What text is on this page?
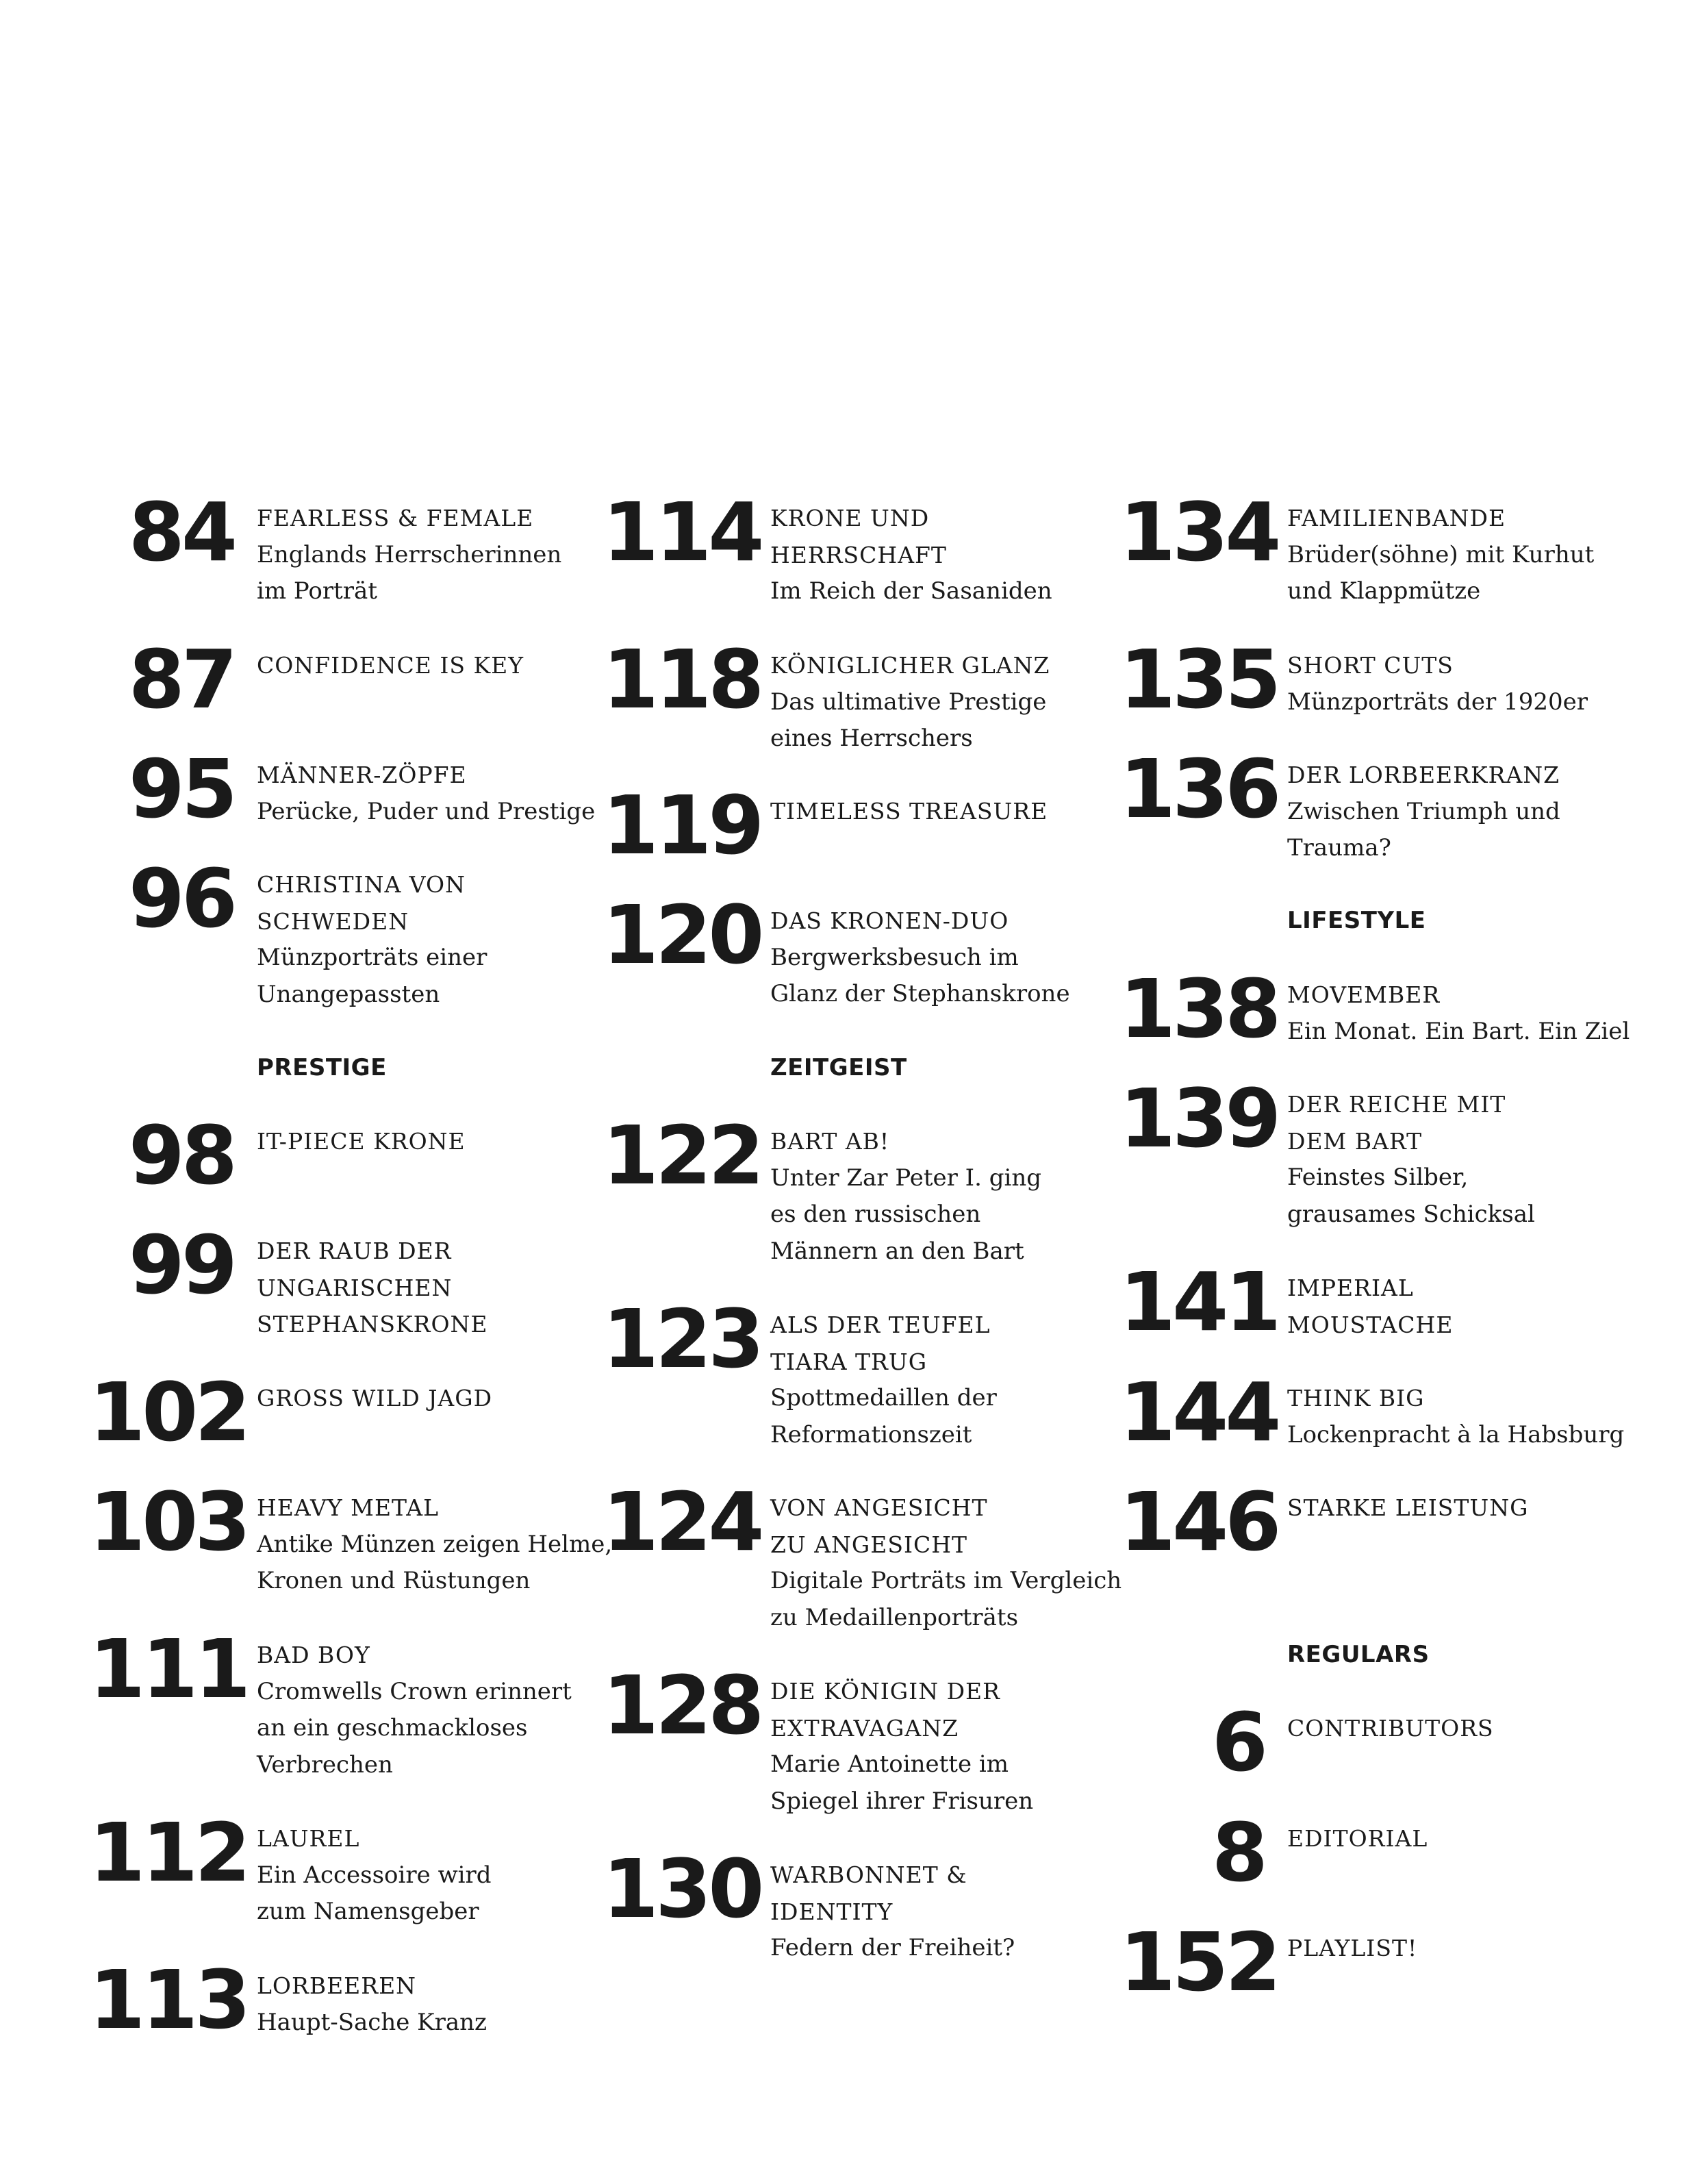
84 FEARLESS & FEMALE
Englands Herrscherinnen
im Porträt
87 CONFIDENCE IS KEY
95 MÄNNER-ZÖPFE
Perücke, Puder und Prestige
96 CHRISTINA VON
SCHWEDEN
Münzporträts einer
Unangepassten
PRESTIGE
98 IT-PIECE KRONE
99 DER RAUB DER
UNGARISCHEN
STEPHANSKRONE
102 GROSS WILD JAGD
103 HEAVY METAL
Antike Münzen zeigen Helme,
Kronen und Rüstungen
111 BAD BOY
Cromwells Crown erinnert
an ein geschmackloses
Verbrechen
112 LAUREL
Ein Accessoire wird
zum Namensgeber
113 LORBEEREN
Haupt-Sache Kranz
114 KRONE UND
HERRSCHAFT
Im Reich der Sasaniden
118 KÖNIGLICHER GLANZ
Das ultimative Prestige
eines Herrschers
119 TIMELESS TREASURE
120 DAS KRONEN-DUO
Bergwerksbesuch im
Glanz der Stephanskrone
ZEITGEIST
122 BART AB!
Unter Zar Peter I. ging
es den russischen
Männern an den Bart
123 ALS DER TEUFEL
TIARA TRUG
Spottmedaillen der
Reformationszeit
124 VON ANGESICHT
ZU ANGESICHT
Digitale Porträts im Vergleich
zu Medaillenporträts
128 DIE KÖNIGIN DER
EXTRAVAGANZ
Marie Antoinette im
Spiegel ihrer Frisuren
130 WARBONNET &
IDENTITY
Federn der Freiheit?
134 FAMILIENBANDE
Brüder(söhne) mit Kurhut
und Klappmütze
135 SHORT CUTS
Münzporträts der 1920er
136 DER LORBEERKRANZ
Zwischen Triumph und
Trauma?
LIFESTYLE
138 MOVEMBER
Ein Monat. Ein Bart. Ein Ziel
139 DER REICHE MIT
DEM BART
Feinstes Silber,
grausames Schicksal
141 IMPERIAL
MOUSTACHE
144 THINK BIG
Lockenpracht à la Habsburg
146 STARKE LEISTUNG
REGULARS
6 CONTRIBUTORS
8 EDITORIAL
152 PLAYLIST!
